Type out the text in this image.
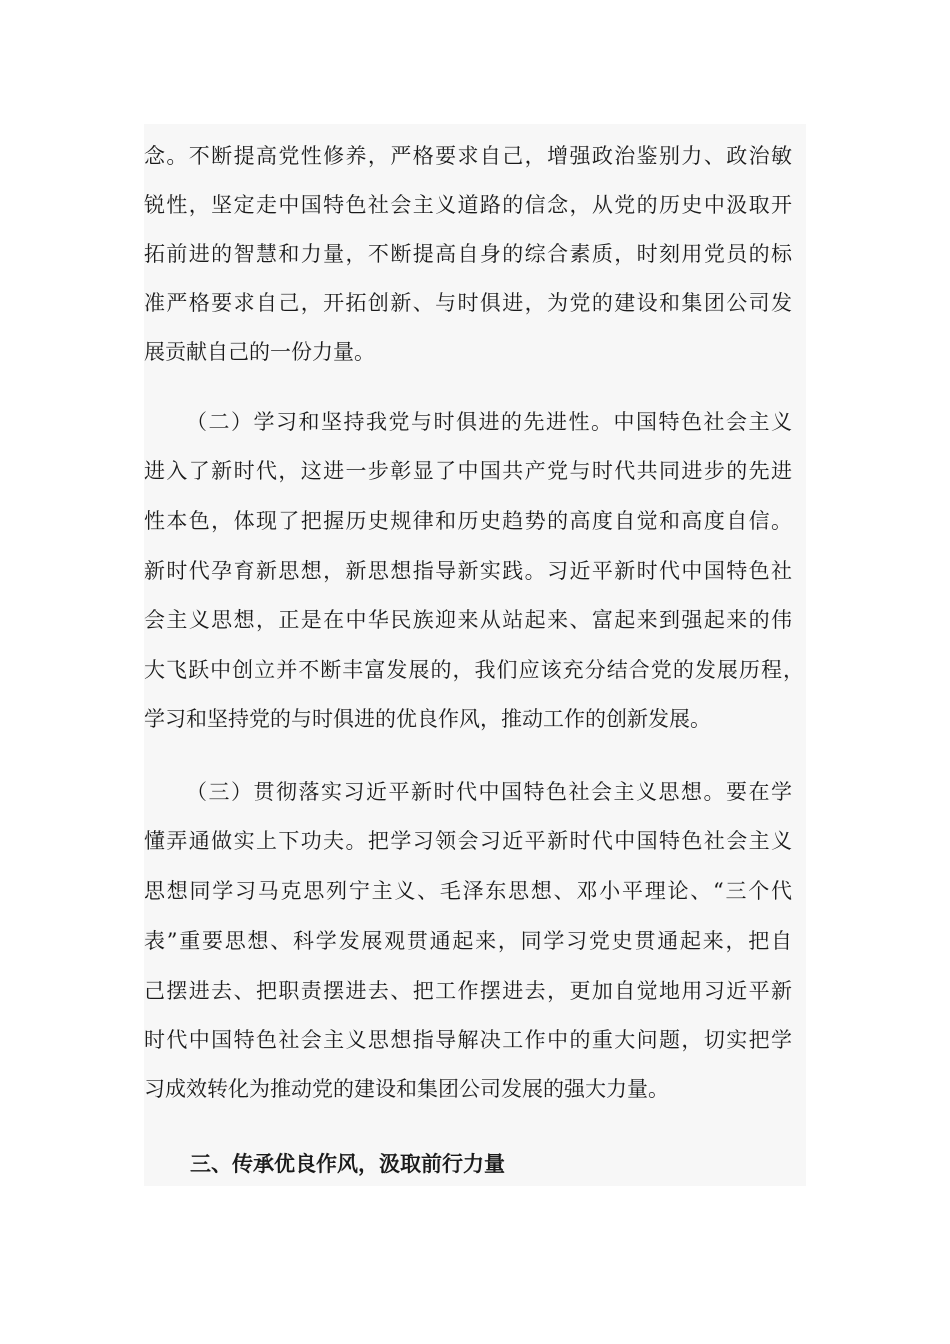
念。不断提高党性修养，严格要求自己，增强政治鉴别力、政治敏
锐性，坚定走中国特色社会主义道路的信念，从党的历史中汲取开
拓前进的智慧和力量，不断提高自身的综合素质，时刻用党员的标
准严格要求自己，开拓创新、与时俱进，为党的建设和集团公司发
展贡献自己的一份力量。
（二）学习和坚持我党与时俱进的先进性。中国特色社会主义
进入了新时代，这进一步彰显了中国共产党与时代共同进步的先进
性本色，体现了把握历史规律和历史趋势的高度自觉和高度自信。
新时代孕育新思想，新思想指导新实践。习近平新时代中国特色社
会主义思想，正是在中华民族迎来从站起来、富起来到强起来的伟
大飞跃中创立并不断丰富发展的，我们应该充分结合党的发展历程，
学习和坚持党的与时俱进的优良作风，推动工作的创新发展。
（三）贯彻落实习近平新时代中国特色社会主义思想。要在学
懂弄通做实上下功夫。把学习领会习近平新时代中国特色社会主义
思想同学习马克思列宁主义、毛泽东思想、邓小平理论、“三个代
表”重要思想、科学发展观贯通起来，同学习党史贯通起来，把自
己摆进去、把职责摆进去、把工作摆进去，更加自觉地用习近平新
时代中国特色社会主义思想指导解决工作中的重大问题，切实把学
习成效转化为推动党的建设和集团公司发展的强大力量。
三、传承优良作风，汲取前行力量
